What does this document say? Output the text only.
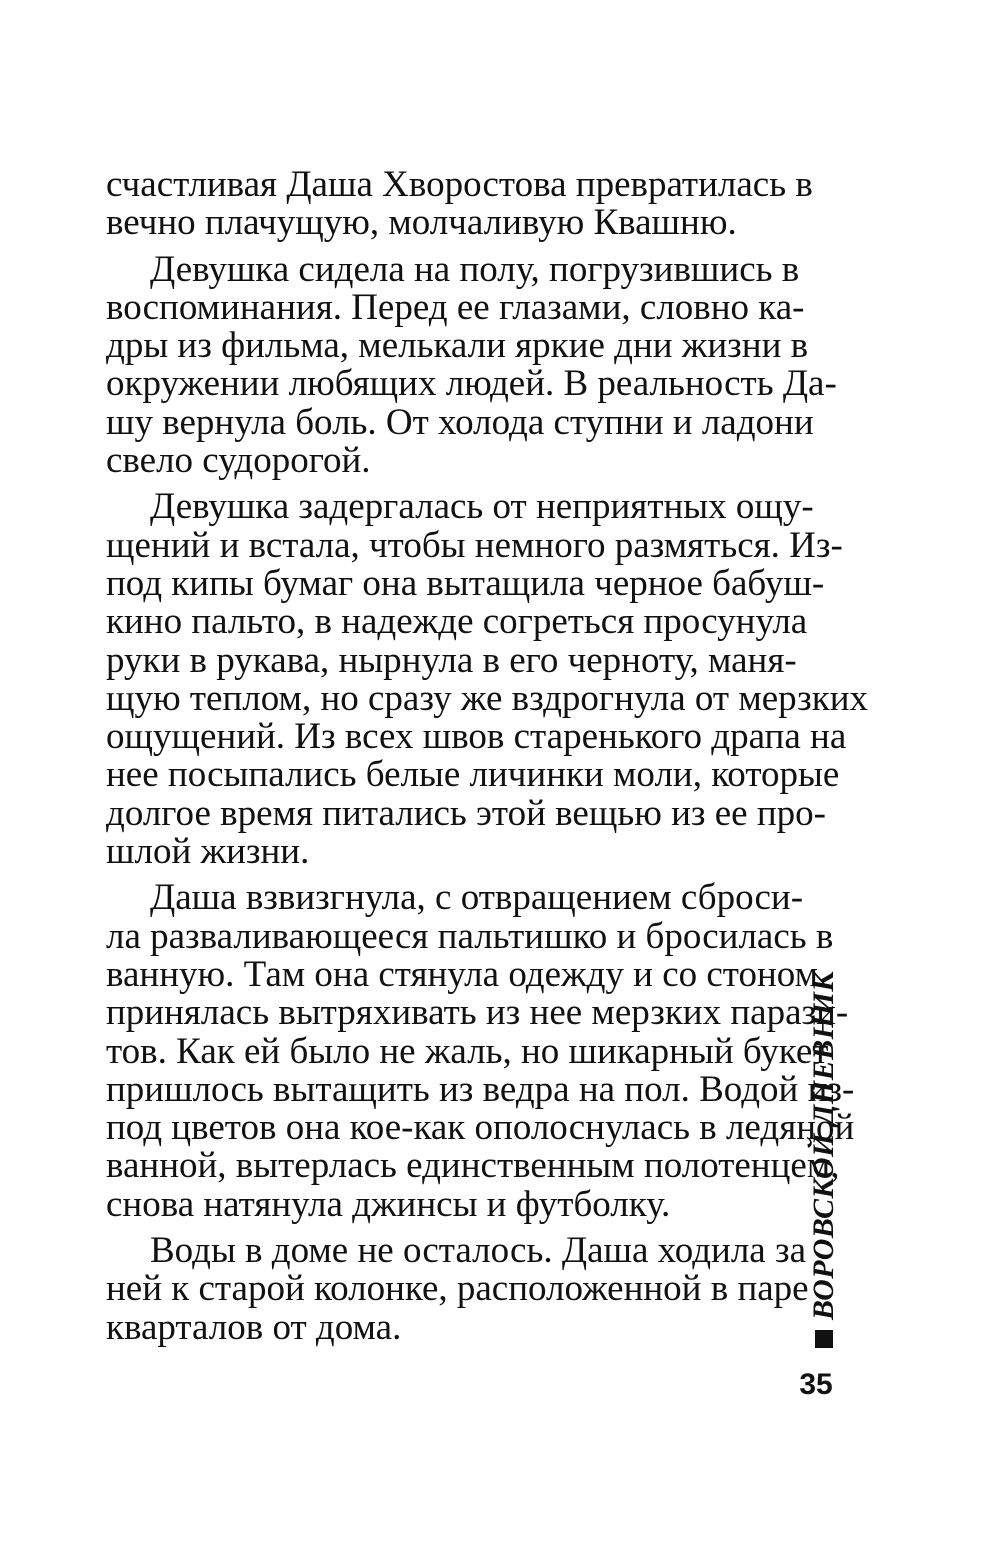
счастливая Даша Хворостова превратилась в
вечно плачущую, молчаливую Квашню.

Девушка сидела на полу, погрузившись в
воспоминания. Перед ее глазами, словно ка-
дры из фильма, мелькали яркие дни жизни в
окружении любящих людей. В реальность Да-
шу вернула боль. От холода ступни и ладони
свело судорогой.

Девушка задергалась от неприятных ощу-
щений и встала, чтобы немного размяться. Из-
под кипы бумаг она вытащила черное бабуш-
кино пальто, в надежде согреться просунула
руки в рукава, нырнула в его черноту, маня-
щую теплом, но сразу же вздрогнула от мерзких
ощущений. Из всех швов старенького драпа на
нее посыпались белые личинки моли, которые
долгое время питались этой вещью из ее про-
шлой жизни.

Даша взвизгнула, с отвращением сброси-
ла разваливающееся пальтишко и бросилась в
ванную. Там она стянула одежду и со стоном
принялась вытряхивать из нее мерзких парази-
тов. Как ей было не жаль, но шикарный букет
пришлось вытащить из ведра на пол. Водой из-
под цветов она кое-как ополоснулась в ледяной
ванной, вытерлась единственным полотенцем,
снова натянула джинсы и футболку.

Воды в доме не осталось. Даша ходила за
ней к старой колонке, расположенной в паре
кварталов от дома.

ВОРОВСКОЙ ДНЕВНИК
35
